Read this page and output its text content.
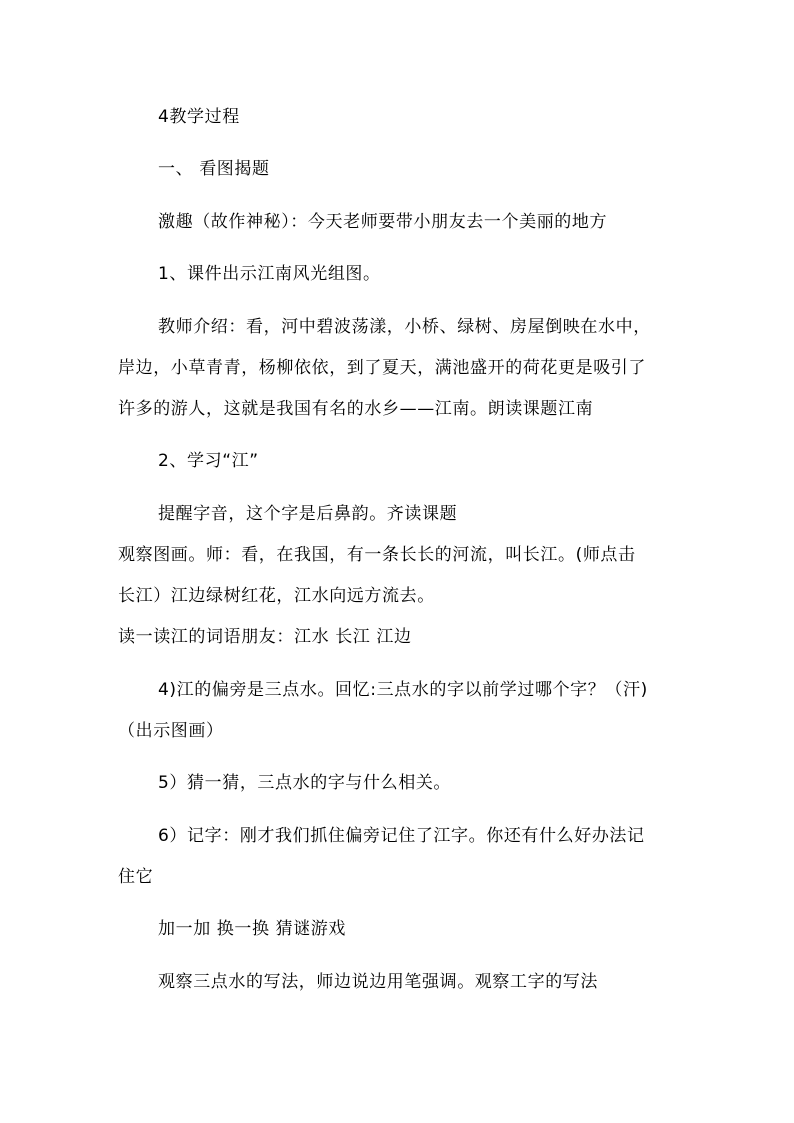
4教学过程
一、 看图揭题
激趣（故作神秘）：今天老师要带小朋友去一个美丽的地方
1、课件出示江南风光组图。
教师介绍：看，河中碧波荡漾，小桥、绿树、房屋倒映在水中，
岸边，小草青青，杨柳依依，到了夏天，满池盛开的荷花更是吸引了
许多的游人，这就是我国有名的水乡——江南。朗读课题江南
2、学习“江”
提醒字音，这个字是后鼻韵。齐读课题
观察图画。师：看，在我国，有一条长长的河流，叫长江。(师点击
长江）江边绿树红花，江水向远方流去。
读一读江的词语朋友：江水 长江 江边
4)江的偏旁是三点水。回忆:三点水的字以前学过哪个字？（汗)
（出示图画）
5）猜一猜，三点水的字与什么相关。
6）记字：刚才我们抓住偏旁记住了江字。你还有什么好办法记
住它
加一加 换一换 猜谜游戏
观察三点水的写法，师边说边用笔强调。观察工字的写法
